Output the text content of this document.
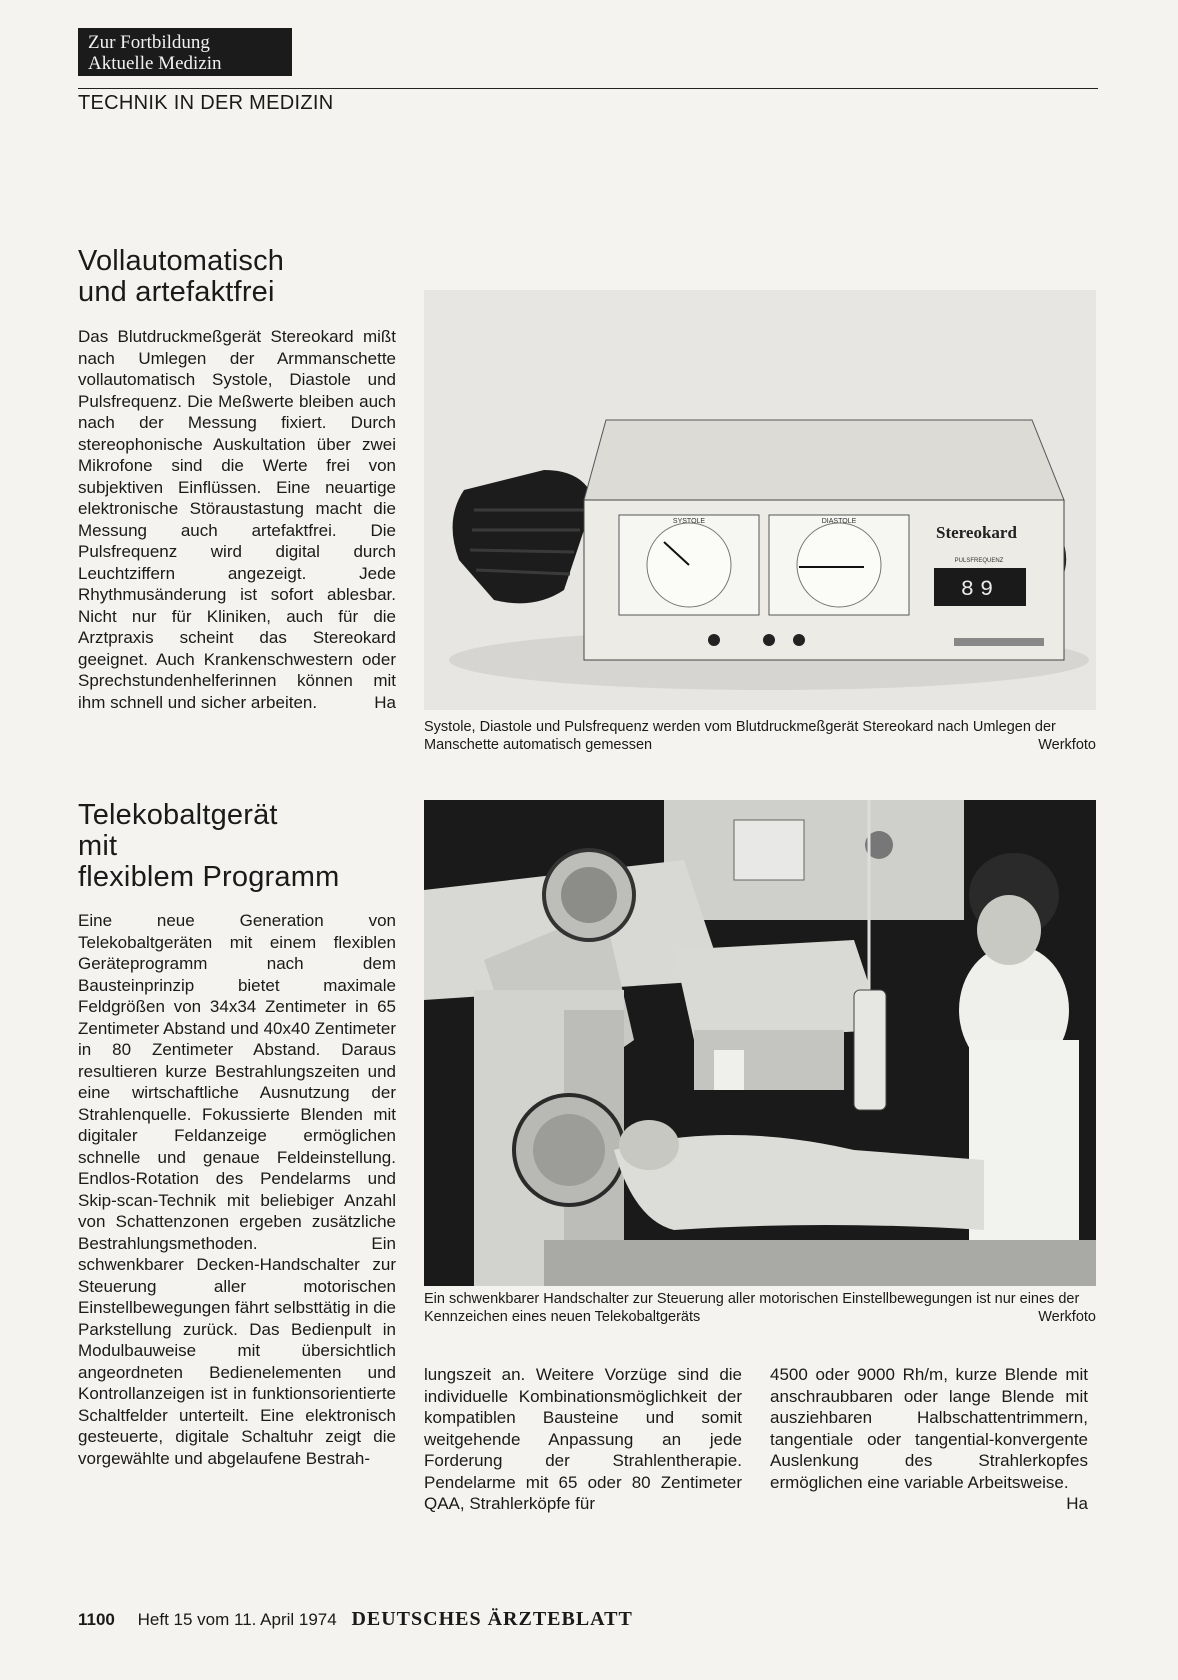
Zur Fortbildung
Aktuelle Medizin
TECHNIK IN DER MEDIZIN
Vollautomatisch
und artefaktfrei

Das Blutdruckmeßgerät Stereokard mißt nach Umlegen der Armmanschette vollautomatisch Systole, Diastole und Pulsfrequenz. Die Meßwerte bleiben auch nach der Messung fixiert. Durch stereophonische Auskultation über zwei Mikrofone sind die Werte frei von subjektiven Einflüssen. Eine neuartige elektronische Störaustastung macht die Messung auch artefaktfrei. Die Pulsfrequenz wird digital durch Leuchtziffern angezeigt. Jede Rhythmusänderung ist sofort ablesbar. Nicht nur für Kliniken, auch für die Arztpraxis scheint das Stereokard geeignet. Auch Krankenschwestern oder Sprechstundenhelferinnen können mit ihm schnell und sicher arbeiten.	Ha

SYSTOLE	DIASTOLE
Stereokard
PULSFREQUENZ
89

Systole, Diastole und Pulsfrequenz werden vom Blutdruckmeßgerät Stereokard nach Umlegen der Manschette automatisch gemessen	Werkfoto

Telekobaltgerät
mit
flexiblem Programm

Eine neue Generation von Telekobaltgeräten mit einem flexiblen Geräteprogramm nach dem Bausteinprinzip bietet maximale Feldgrößen von 34x34 Zentimeter in 65 Zentimeter Abstand und 40x40 Zentimeter in 80 Zentimeter Abstand. Daraus resultieren kurze Bestrahlungszeiten und eine wirtschaftliche Ausnutzung der Strahlenquelle. Fokussierte Blenden mit digitaler Feldanzeige ermöglichen schnelle und genaue Feldeinstellung. Endlos-Rotation des Pendelarms und Skip-scan-Technik mit beliebiger Anzahl von Schattenzonen ergeben zusätzliche Bestrahlungsmethoden. Ein schwenkbarer Decken-Handschalter zur Steuerung aller motorischen Einstellbewegungen fährt selbsttätig in die Parkstellung zurück. Das Bedienpult in Modulbauweise mit übersichtlich angeordneten Bedienelementen und Kontrollanzeigen ist in funktionsorientierte Schaltfelder unterteilt. Eine elektronisch gesteuerte, digitale Schaltuhr zeigt die vorgewählte und abgelaufene Bestrah-

Ein schwenkbarer Handschalter zur Steuerung aller motorischen Einstellbewegungen ist nur eines der Kennzeichen eines neuen Telekobaltgeräts	Werkfoto

lungszeit an. Weitere Vorzüge sind die individuelle Kombinationsmöglichkeit der kompatiblen Bausteine und somit weitgehende Anpassung an jede Forderung der Strahlentherapie. Pendelarme mit 65 oder 80 Zentimeter QAA, Strahlerköpfe für

4500 oder 9000 Rh/m, kurze Blende mit anschraubbaren oder lange Blende mit ausziehbaren Halbschattentrimmern, tangentiale oder tangential-konvergente Auslenkung des Strahlerkopfes ermöglichen eine variable Arbeitsweise.
Ha

1100 Heft 15 vom 11. April 1974 DEUTSCHES ÄRZTEBLATT
